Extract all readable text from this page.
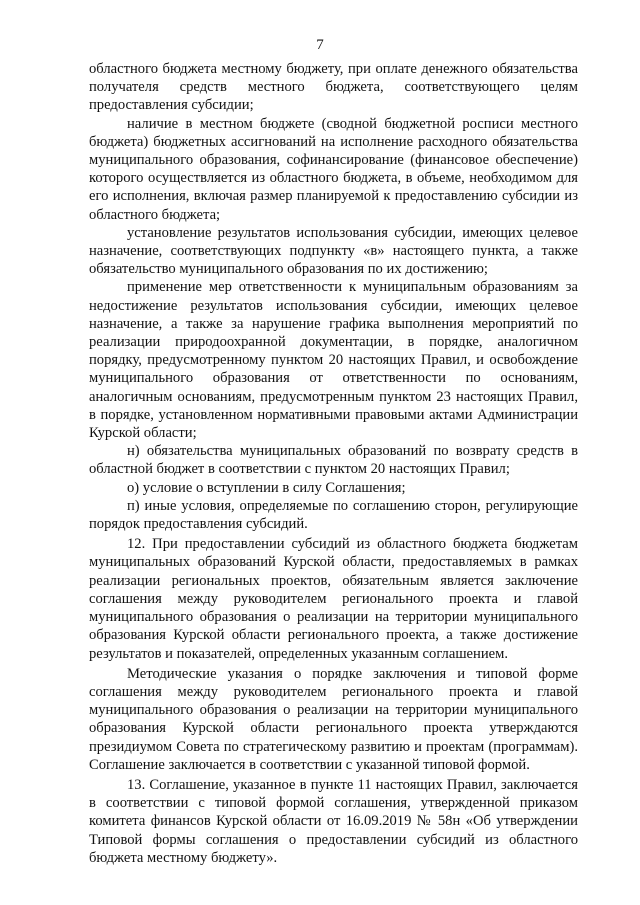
7

областного бюджета местному бюджету, при оплате денежного обязательства получателя средств местного бюджета, соответствующего целям предоставления субсидии;

наличие в местном бюджете (сводной бюджетной росписи местного бюджета) бюджетных ассигнований на исполнение расходного обязательства муниципального образования, софинансирование (финансовое обеспечение) которого осуществляется из областного бюджета, в объеме, необходимом для его исполнения, включая размер планируемой к предоставлению субсидии из областного бюджета;

установление результатов использования субсидии, имеющих целевое назначение, соответствующих подпункту «в» настоящего пункта, а также обязательство муниципального образования по их достижению;

применение мер ответственности к муниципальным образованиям за недостижение результатов использования субсидии, имеющих целевое назначение, а также за нарушение графика выполнения мероприятий по реализации природоохранной документации, в порядке, аналогичном порядку, предусмотренному пунктом 20 настоящих Правил, и освобождение муниципального образования от ответственности по основаниям, аналогичным основаниям, предусмотренным пунктом 23 настоящих Правил, в порядке, установленном нормативными правовыми актами Администрации Курской области;

н) обязательства муниципальных образований по возврату средств в областной бюджет в соответствии с пунктом 20 настоящих Правил;

о) условие о вступлении в силу Соглашения;

п) иные условия, определяемые по соглашению сторон, регулирующие порядок предоставления субсидий.

12. При предоставлении субсидий из областного бюджета бюджетам муниципальных образований Курской области, предоставляемых в рамках реализации региональных проектов, обязательным является заключение соглашения между руководителем регионального проекта и главой муниципального образования о реализации на территории муниципального образования Курской области регионального проекта, а также достижение результатов и показателей, определенных указанным соглашением.

Методические указания о порядке заключения и типовой форме соглашения между руководителем регионального проекта и главой муниципального образования о реализации на территории муниципального образования Курской области регионального проекта утверждаются президиумом Совета по стратегическому развитию и проектам (программам). Соглашение заключается в соответствии с указанной типовой формой.

13. Соглашение, указанное в пункте 11 настоящих Правил, заключается в соответствии с типовой формой соглашения, утвержденной приказом комитета финансов Курской области от 16.09.2019 № 58н «Об утверждении Типовой формы соглашения о предоставлении субсидий из областного бюджета местному бюджету».
